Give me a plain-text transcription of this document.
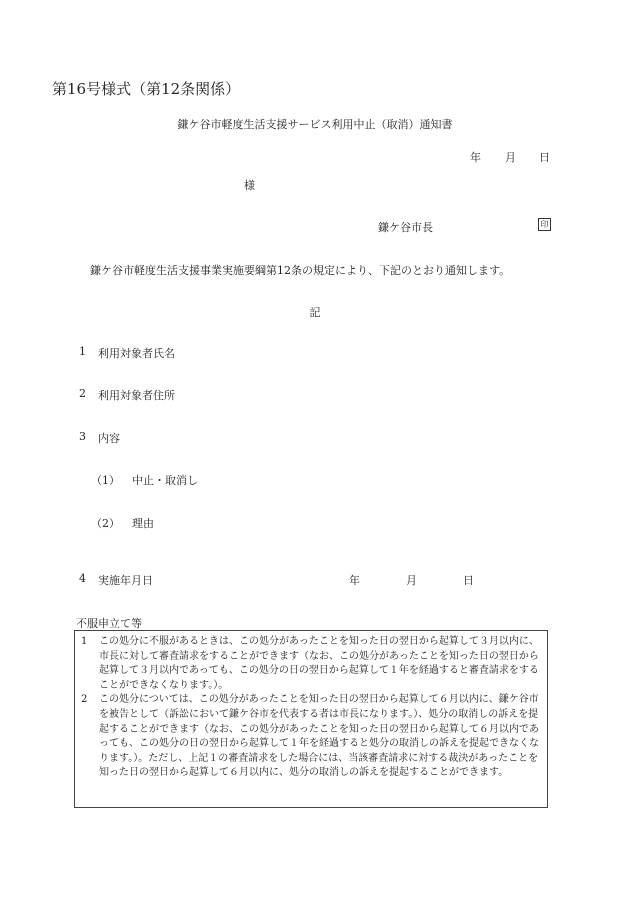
第16号様式（第12条関係）
鎌ケ谷市軽度生活支援サービス利用中止（取消）通知書
年 月 日
様
鎌ケ谷市長	印
鎌ケ谷市軽度生活支援事業実施要綱第12条の規定により、下記のとおり通知します。
記
1 利用対象者氏名
2 利用対象者住所
3 内容
（1） 中止・取消し
（2） 理由
4 実施年月日	年	月	日
不服申立て等
1	この処分に不服があるときは、この処分があったことを知った日の翌日から起算して３月以内に、市長に対して審査請求をすることができます（なお、この処分があったことを知った日の翌日から起算して３月以内であっても、この処分の日の翌日から起算して１年を経過すると審査請求をすることができなくなります。）。
2	この処分については、この処分があったことを知った日の翌日から起算して６月以内に、鎌ケ谷市を被告として（訴訟において鎌ケ谷市を代表する者は市長になります。）、処分の取消しの訴えを提起することができます（なお、この処分があったことを知った日の翌日から起算して６月以内であっても、この処分の日の翌日から起算して１年を経過すると処分の取消しの訴えを提起できなくなります。）。ただし、上記１の審査請求をした場合には、当該審査請求に対する裁決があったことを知った日の翌日から起算して６月以内に、処分の取消しの訴えを提起することができます。
